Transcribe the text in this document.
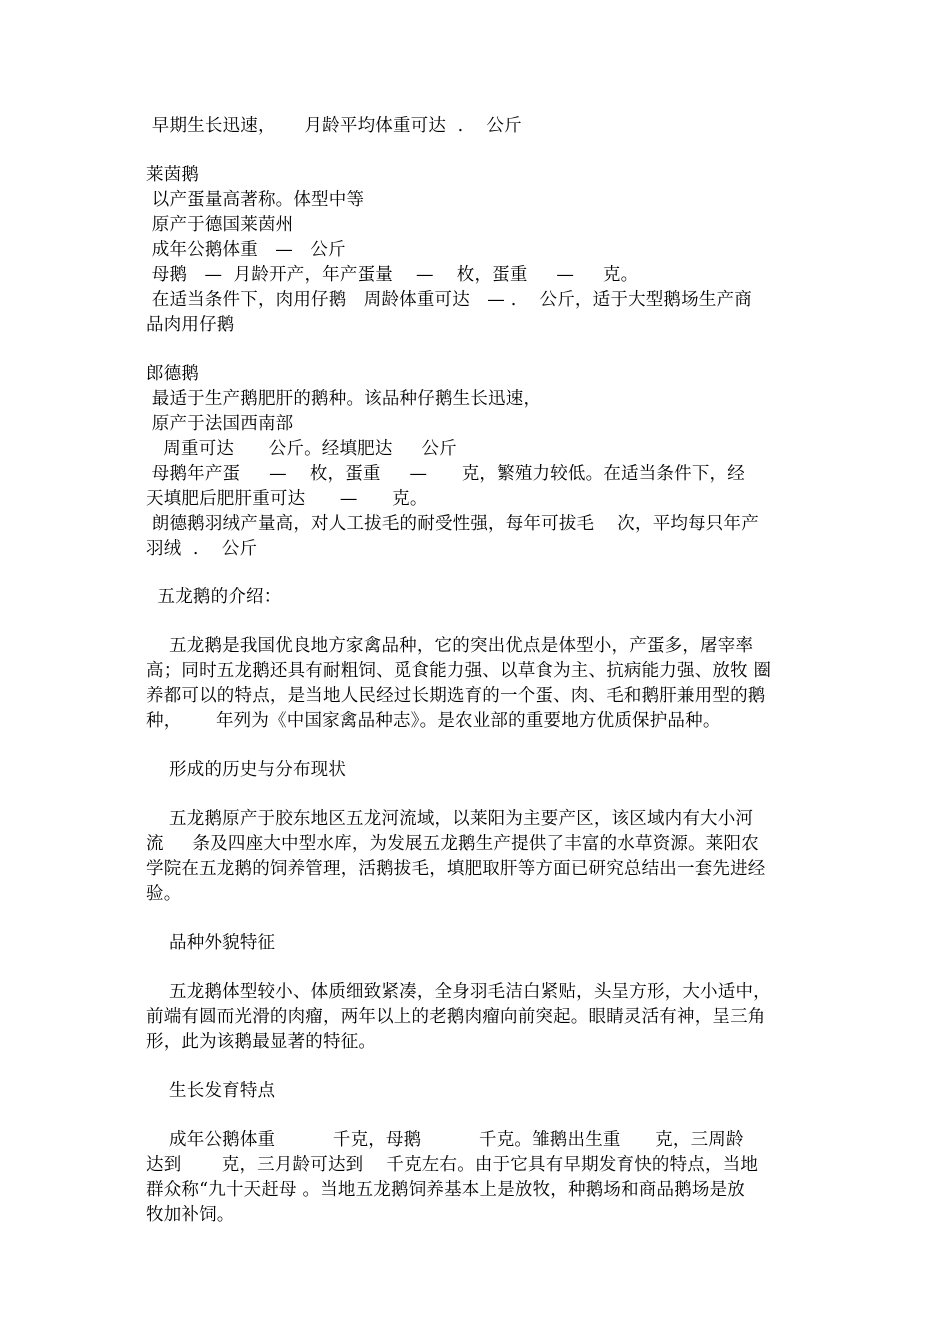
早期生长迅速，     月龄平均体重可达  .    公斤
莱茵鹅
以产蛋量高著称。体型中等
原产于德国莱茵州
成年公鹅体重   —   公斤
母鹅   —  月龄开产，年产蛋量    —    枚，蛋重     —     克。
在适当条件下，肉用仔鹅   周龄体重可达   — .    公斤，适于大型鹅场生产商
品肉用仔鹅
郎德鹅
最适于生产鹅肥肝的鹅种。该品种仔鹅生长迅速，
原产于法国西南部
周重可达      公斤。经填肥达     公斤
母鹅年产蛋     —    枚，蛋重     —      克，繁殖力较低。在适当条件下，经
天填肥后肥肝重可达      —      克。
朗德鹅羽绒产量高，对人工拔毛的耐受性强，每年可拔毛    次，平均每只年产
羽绒  .    公斤
五龙鹅的介绍：
五龙鹅是我国优良地方家禽品种，它的突出优点是体型小，产蛋多，屠宰率
高；同时五龙鹅还具有耐粗饲、觅食能力强、以草食为主、抗病能力强、放牧 圈
养都可以的特点，是当地人民经过长期选育的一个蛋、肉、毛和鹅肝兼用型的鹅
种，      年列为《中国家禽品种志》。是农业部的重要地方优质保护品种。
形成的历史与分布现状
五龙鹅原产于胶东地区五龙河流域，以莱阳为主要产区，该区域内有大小河
流     条及四座大中型水库，为发展五龙鹅生产提供了丰富的水草资源。莱阳农
学院在五龙鹅的饲养管理，活鹅拔毛，填肥取肝等方面已研究总结出一套先进经
验。
品种外貌特征
五龙鹅体型较小、体质细致紧凑，全身羽毛洁白紧贴，头呈方形，大小适中，
前端有圆而光滑的肉瘤，两年以上的老鹅肉瘤向前突起。眼睛灵活有神，呈三角
形，此为该鹅最显著的特征。
生长发育特点
成年公鹅体重          千克，母鹅          千克。雏鹅出生重      克，三周龄
达到       克，三月龄可达到    千克左右。由于它具有早期发育快的特点，当地
群众称“九十天赶母 。当地五龙鹅饲养基本上是放牧，种鹅场和商品鹅场是放
牧加补饲。
